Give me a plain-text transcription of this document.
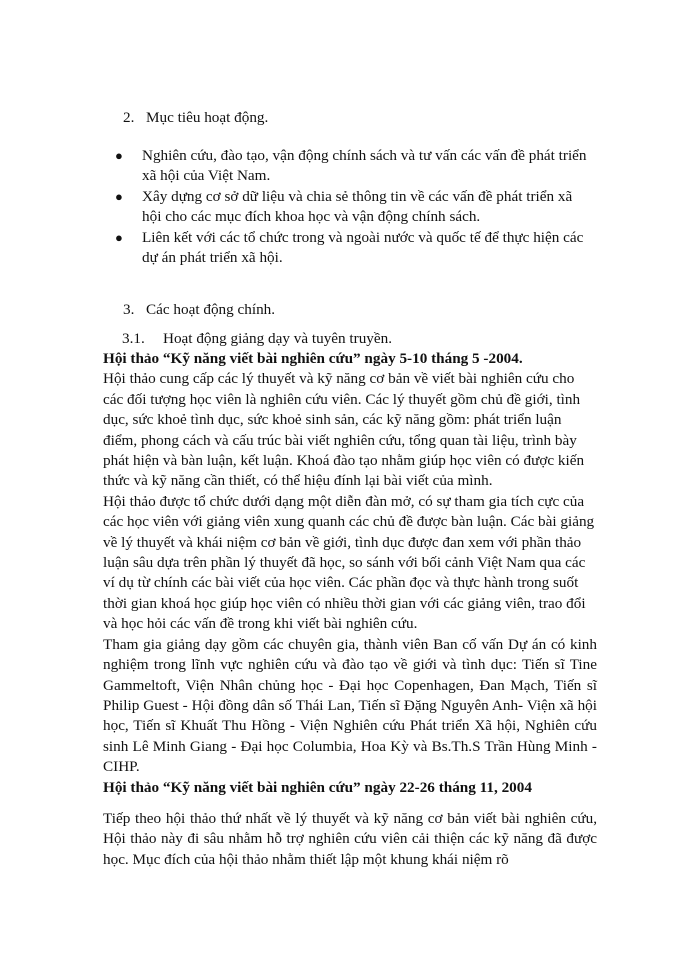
2. Mục tiêu hoạt động.

● Nghiên cứu, đào tạo, vận động chính sách và tư vấn các vấn đề phát triển xã hội của Việt Nam.
● Xây dựng cơ sở dữ liệu và chia sẻ thông tin về các vấn đề phát triển xã hội cho các mục đích khoa học và vận động chính sách.
● Liên kết với các tổ chức trong và ngoài nước và quốc tế để thực hiện các dự án phát triển xã hội.

3. Các hoạt động chính.

3.1. Hoạt động giảng dạy và tuyên truyền.

Hội thảo “Kỹ năng viết bài nghiên cứu” ngày 5-10 tháng 5 -2004.
Hội thảo cung cấp các lý thuyết và kỹ năng cơ bản về viết bài nghiên cứu cho các đối tượng học viên là nghiên cứu viên. Các lý thuyết gồm chủ đề giới, tình dục, sức khoẻ tình dục, sức khoẻ sinh sản, các kỹ năng gồm: phát triển luận điểm, phong cách và cấu trúc bài viết nghiên cứu, tổng quan tài liệu, trình bày phát hiện và bàn luận, kết luận. Khoá đào tạo nhằm giúp học viên có được kiến thức và kỹ năng cần thiết, có thể hiệu đính lại bài viết của mình.
Hội thảo được tổ chức dưới dạng một diễn đàn mở, có sự tham gia tích cực của các học viên với giảng viên xung quanh các chủ đề được bàn luận. Các bài giảng về lý thuyết và khái niệm cơ bản về giới, tình dục được đan xem với phần thảo luận sâu dựa trên phần lý thuyết đã học, so sánh với bối cảnh Việt Nam qua các ví dụ từ chính các bài viết của học viên. Các phần đọc và thực hành trong suốt thời gian khoá học giúp học viên có nhiều thời gian với các giảng viên, trao đổi và học hỏi các vấn đề trong khi viết bài nghiên cứu.
Tham gia giảng dạy gồm các chuyên gia, thành viên Ban cố vấn Dự án có kinh nghiệm trong lĩnh vực nghiên cứu và đào tạo về giới và tình dục: Tiến sĩ Tine Gammeltoft, Viện Nhân chủng học - Đại học Copenhagen, Đan Mạch, Tiến sĩ Philip Guest - Hội đồng dân số Thái Lan, Tiến sĩ Đặng Nguyên Anh- Viện xã hội học, Tiến sĩ Khuất Thu Hồng - Viện Nghiên cứu Phát triển Xã hội, Nghiên cứu sinh Lê Minh Giang - Đại học Columbia, Hoa Kỳ và Bs.Th.S Trần Hùng Minh - CIHP.
Hội thảo “Kỹ năng viết bài nghiên cứu” ngày 22-26 tháng 11, 2004
Tiếp theo hội thảo thứ nhất về lý thuyết và kỹ năng cơ bản viết bài nghiên cứu, Hội thảo này đi sâu nhằm hỗ trợ nghiên cứu viên cải thiện các kỹ năng đã được học. Mục đích của hội thảo nhằm thiết lập một khung khái niệm rõ
